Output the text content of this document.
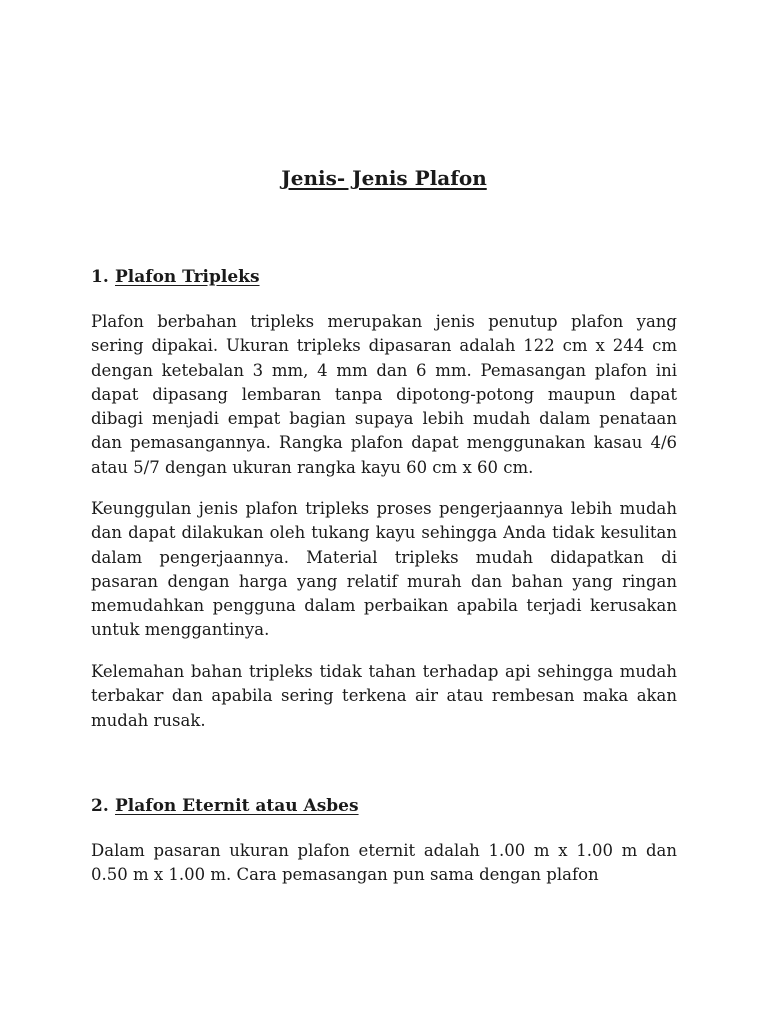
Jenis- Jenis Plafon
1. Plafon Tripleks

Plafon berbahan tripleks merupakan jenis penutup plafon yang sering dipakai. Ukuran tripleks dipasaran adalah 122 cm x 244 cm dengan ketebalan 3 mm, 4 mm dan 6 mm. Pemasangan plafon ini dapat dipasang lembaran tanpa dipotong-potong maupun dapat dibagi menjadi empat bagian supaya lebih mudah dalam penataan dan pemasangannya. Rangka plafon dapat menggunakan kasau 4/6 atau 5/7 dengan ukuran rangka kayu 60 cm x 60 cm.

Keunggulan jenis plafon tripleks proses pengerjaannya lebih mudah dan dapat dilakukan oleh tukang kayu sehingga Anda tidak kesulitan dalam pengerjaannya. Material tripleks mudah didapatkan di pasaran dengan harga yang relatif murah dan bahan yang ringan memudahkan pengguna dalam perbaikan apabila terjadi kerusakan untuk menggantinya.

Kelemahan bahan tripleks tidak tahan terhadap api sehingga mudah terbakar dan apabila sering terkena air atau rembesan maka akan mudah rusak.

2. Plafon Eternit atau Asbes

Dalam pasaran ukuran plafon eternit adalah 1.00 m x 1.00 m dan 0.50 m x 1.00 m. Cara pemasangan pun sama dengan plafon
